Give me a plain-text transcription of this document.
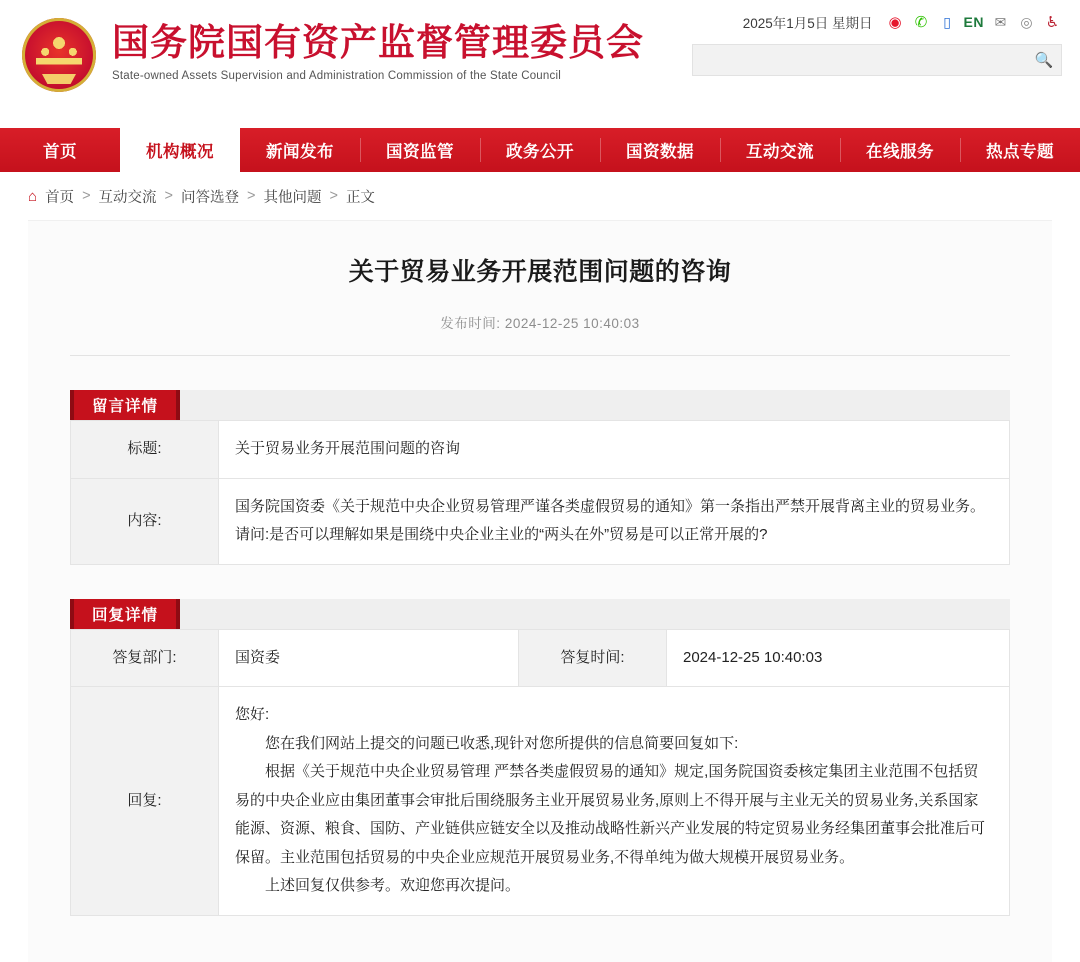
国务院国有资产监督管理委员会
State-owned Assets Supervision and Administration Commission of the State Council
2025年1月5日 星期日 ◉ ✆	▯ EN ✉ ◎ ♿
🔍
首页	机构概况	新闻发布	国资监管	政务公开	国资数据	互动交流	在线服务	热点专题
⌂ 首页 > 互动交流 > 问答选登 > 其他问题 > 正文
关于贸易业务开展范围问题的咨询
发布时间: 2024-12-25 10:40:03
留言详情
标题:	关于贸易业务开展范围问题的咨询
内容:	国务院国资委《关于规范中央企业贸易管理严谨各类虚假贸易的通知》第一条指出严禁开展背离主业的贸易业务。请问:是否可以理解如果是围绕中央企业主业的“两头在外”贸易是可以正常开展的?
回复详情
答复部门:	国资委	答复时间:	2024-12-25 10:40:03
回复:	您好:

您在我们网站上提交的问题已收悉,现针对您所提供的信息简要回复如下:

根据《关于规范中央企业贸易管理 严禁各类虚假贸易的通知》规定,国务院国资委核定集团主业范围不包括贸易的中央企业应由集团董事会审批后围绕服务主业开展贸易业务,原则上不得开展与主业无关的贸易业务,关系国家能源、资源、粮食、国防、产业链供应链安全以及推动战略性新兴产业发展的特定贸易业务经集团董事会批准后可保留。主业范围包括贸易的中央企业应规范开展贸易业务,不得单纯为做大规模开展贸易业务。

上述回复仅供参考。欢迎您再次提问。		
